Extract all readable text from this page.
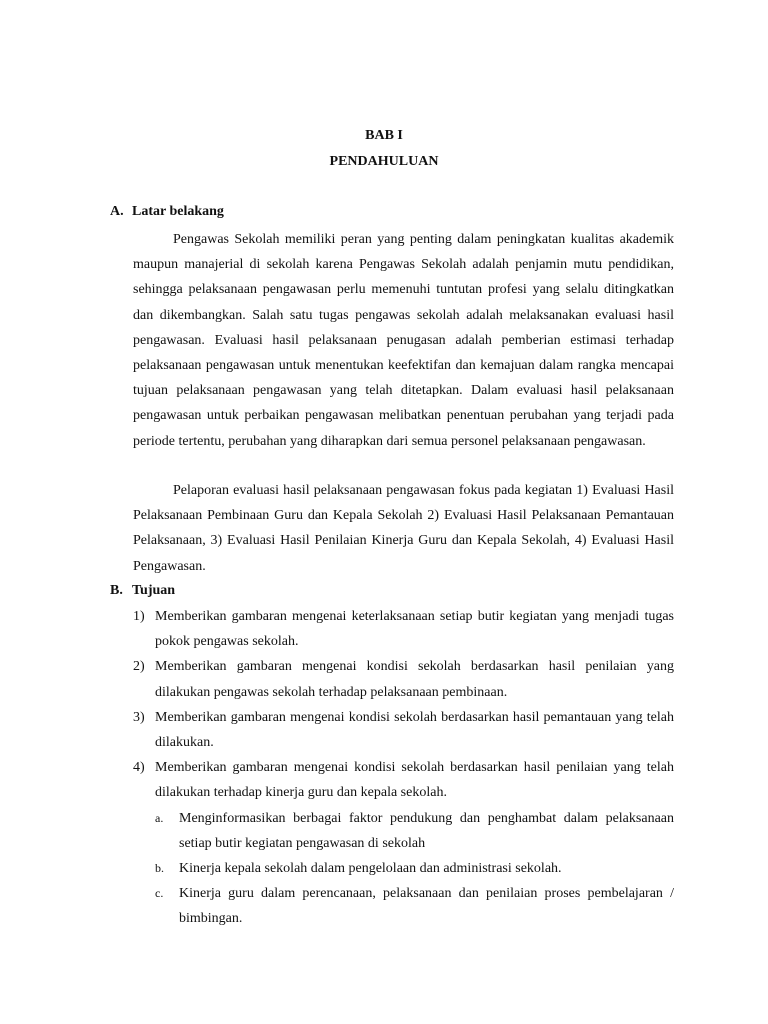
BAB I
PENDAHULUAN
A. Latar belakang

Pengawas Sekolah memiliki peran yang penting dalam peningkatan kualitas akademik maupun manajerial di sekolah karena Pengawas Sekolah adalah penjamin mutu pendidikan, sehingga pelaksanaan pengawasan perlu memenuhi tuntutan profesi yang selalu ditingkatkan dan dikembangkan. Salah satu tugas pengawas sekolah adalah melaksanakan evaluasi hasil pengawasan. Evaluasi hasil pelaksanaan penugasan adalah pemberian estimasi terhadap pelaksanaan pengawasan untuk menentukan keefektifan dan kemajuan dalam rangka mencapai tujuan pelaksanaan pengawasan yang telah ditetapkan. Dalam evaluasi hasil pelaksanaan pengawasan untuk perbaikan pengawasan melibatkan penentuan perubahan yang terjadi pada periode tertentu, perubahan yang diharapkan dari semua personel pelaksanaan pengawasan.

Pelaporan evaluasi hasil pelaksanaan pengawasan fokus pada kegiatan 1) Evaluasi Hasil Pelaksanaan Pembinaan Guru dan Kepala Sekolah 2) Evaluasi Hasil Pelaksanaan Pemantauan Pelaksanaan, 3) Evaluasi Hasil Penilaian Kinerja Guru dan Kepala Sekolah, 4) Evaluasi Hasil Pengawasan.

B. Tujuan
1) Memberikan gambaran mengenai keterlaksanaan setiap butir kegiatan yang menjadi tugas pokok pengawas sekolah.
2) Memberikan gambaran mengenai kondisi sekolah berdasarkan hasil penilaian yang dilakukan pengawas sekolah terhadap pelaksanaan pembinaan.
3) Memberikan gambaran mengenai kondisi sekolah berdasarkan hasil pemantauan yang telah dilakukan.
4) Memberikan gambaran mengenai kondisi sekolah berdasarkan hasil penilaian yang telah dilakukan terhadap kinerja guru dan kepala sekolah.
a. Menginformasikan berbagai faktor pendukung dan penghambat dalam pelaksanaan setiap butir kegiatan pengawasan di sekolah
b. Kinerja kepala sekolah dalam pengelolaan dan administrasi sekolah.
c. Kinerja guru dalam perencanaan, pelaksanaan dan penilaian proses pembelajaran / bimbingan.
